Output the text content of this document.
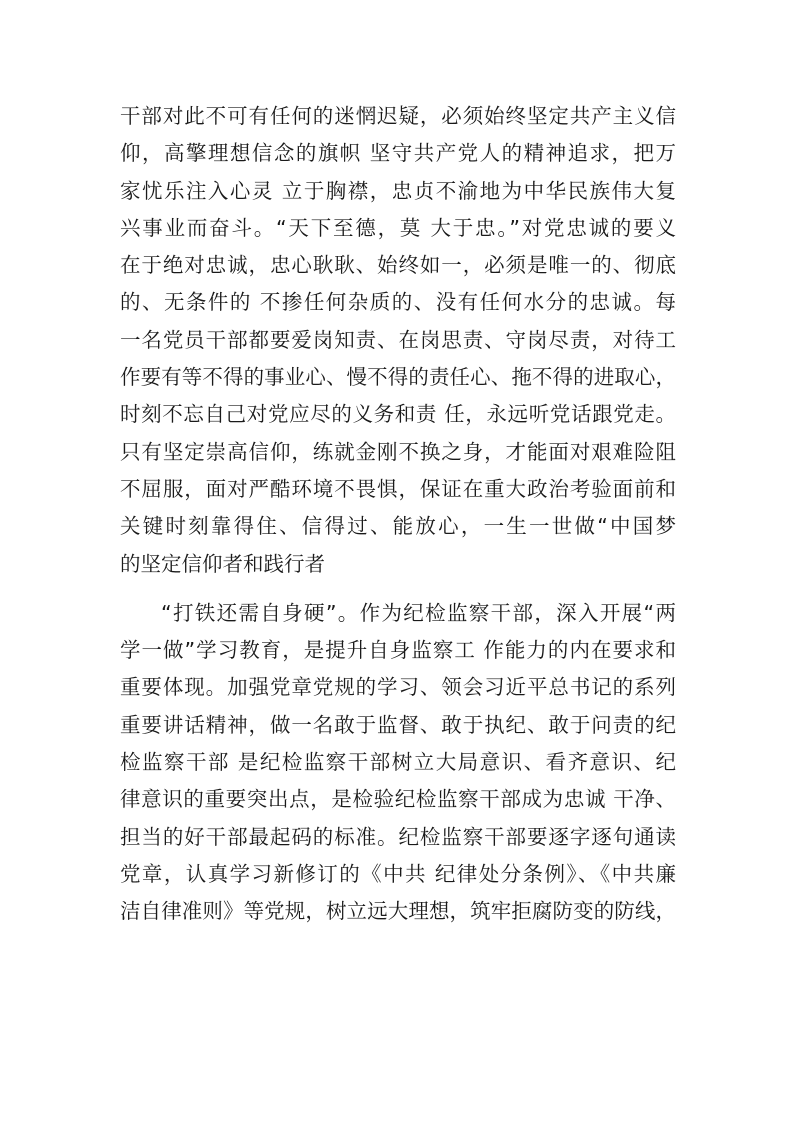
干部对此不可有任何的迷惘迟疑，必须始终坚定共产主义信
仰，高擎理想信念的旗帜 坚守共产党人的精神追求，把万
家忧乐注入心灵 立于胸襟，忠贞不渝地为中华民族伟大复
兴事业而奋斗。“天下至德，莫 大于忠。”对党忠诚的要义
在于绝对忠诚，忠心耿耿、始终如一，必须是唯一的、彻底
的、无条件的 不掺任何杂质的、没有任何水分的忠诚。每
一名党员干部都要爱岗知责、在岗思责、守岗尽责，对待工
作要有等不得的事业心、慢不得的责任心、拖不得的进取心，
时刻不忘自己对党应尽的义务和责 任，永远听党话跟党走。
只有坚定崇高信仰，练就金刚不换之身，才能面对艰难险阻
不屈服，面对严酷环境不畏惧，保证在重大政治考验面前和
关键时刻靠得住、信得过、能放心，一生一世做“中国梦
的坚定信仰者和践行者
“打铁还需自身硬”。作为纪检监察干部，深入开展“两
学一做”学习教育，是提升自身监察工 作能力的内在要求和
重要体现。加强党章党规的学习、领会习近平总书记的系列
重要讲话精神，做一名敢于监督、敢于执纪、敢于问责的纪
检监察干部 是纪检监察干部树立大局意识、看齐意识、纪
律意识的重要突出点，是检验纪检监察干部成为忠诚 干净、
担当的好干部最起码的标准。纪检监察干部要逐字逐句通读
党章，认真学习新修订的《中共 纪律处分条例》、《中共廉
洁自律准则》等党规，树立远大理想，筑牢拒腐防变的防线，
